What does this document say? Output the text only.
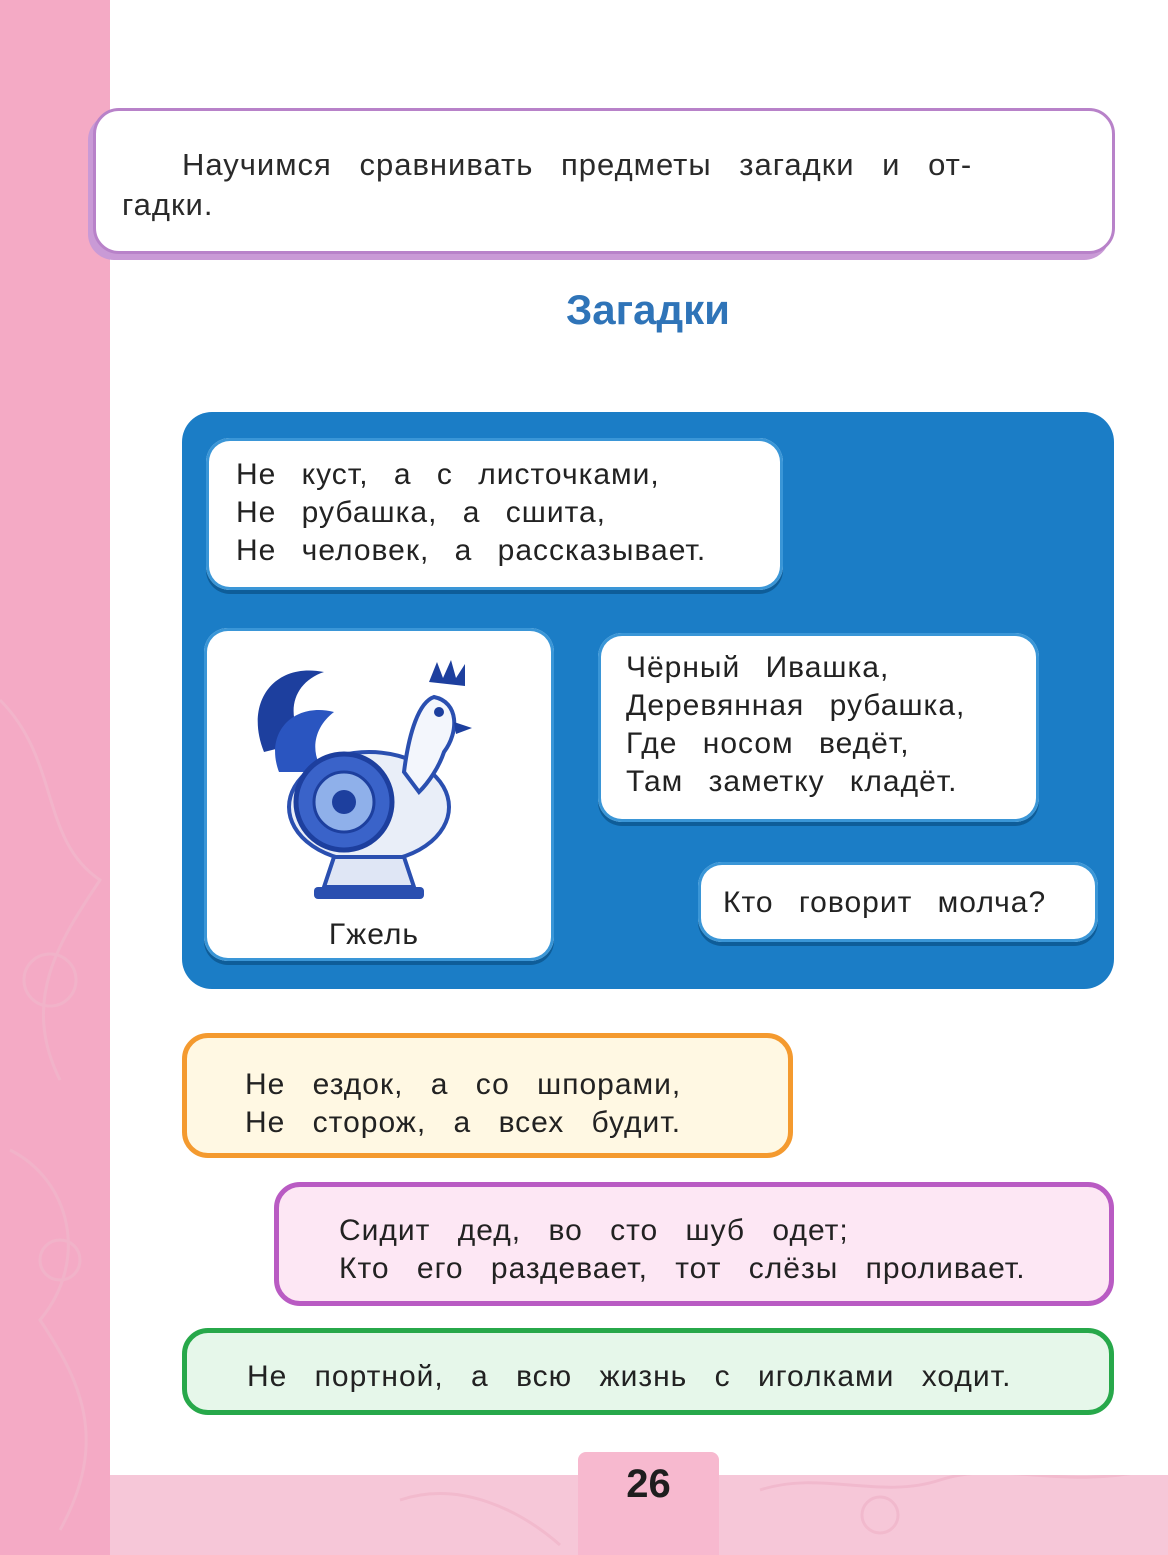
Научимся сравнивать предметы загадки и от-
гадки.
Загадки
Не куст, а с листочками,
Не рубашка, а сшита,
Не человек, а рассказывает.
Гжель
Чёрный Ивашка,
Деревянная рубашка,
Где носом ведёт,
Там заметку кладёт.
Кто говорит молча?
Не ездок, а со шпорами,
Не сторож, а всех будит.
Сидит дед, во сто шуб одет;
Кто его раздевает, тот слёзы проливает.
Не портной, а всю жизнь с иголками ходит.
26
